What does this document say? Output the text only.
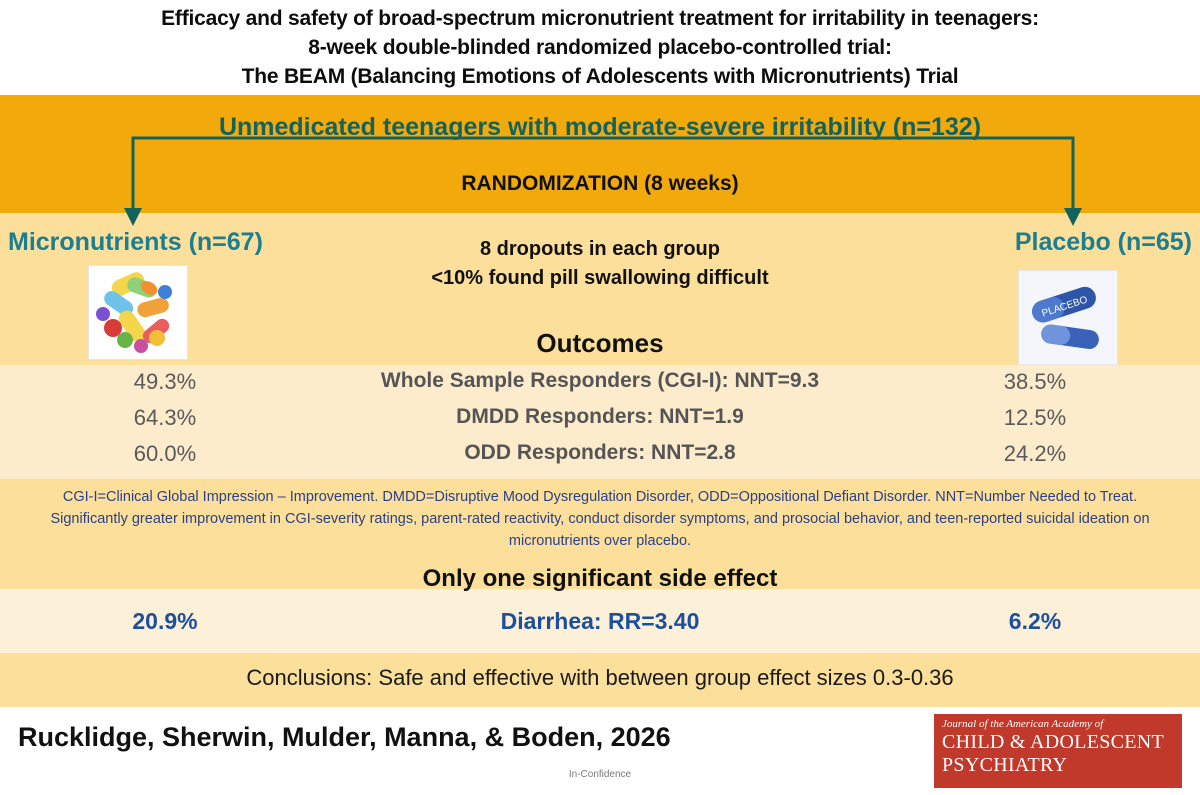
Efficacy and safety of broad-spectrum micronutrient treatment for irritability in teenagers:
8-week double-blinded randomized placebo-controlled trial:
The BEAM (Balancing Emotions of Adolescents with Micronutrients) Trial
Unmedicated teenagers with moderate-severe irritability (n=132)
RANDOMIZATION (8 weeks)
Micronutrients (n=67)	Placebo (n=65)
PLACEBO
8 dropouts in each group
<10% found pill swallowing difficult
Outcomes
49.3%	Whole Sample Responders (CGI-I): NNT=9.3	38.5%
64.3%	DMDD Responders: NNT=1.9	12.5%
60.0%	ODD Responders: NNT=2.8	24.2%
CGI-I=Clinical Global Impression – Improvement. DMDD=Disruptive Mood Dysregulation Disorder, ODD=Oppositional Defiant Disorder. NNT=Number Needed to Treat. Significantly greater improvement in CGI-severity ratings, parent-rated reactivity, conduct disorder symptoms, and prosocial behavior, and teen-reported suicidal ideation on micronutrients over placebo.
Only one significant side effect
20.9%	Diarrhea: RR=3.40	6.2%
Conclusions: Safe and effective with between group effect sizes 0.3-0.36
Rucklidge, Sherwin, Mulder, Manna, & Boden, 2026
In-Confidence
Journal of the American Academy of
CHILD & ADOLESCENT
PSYCHIATRY
